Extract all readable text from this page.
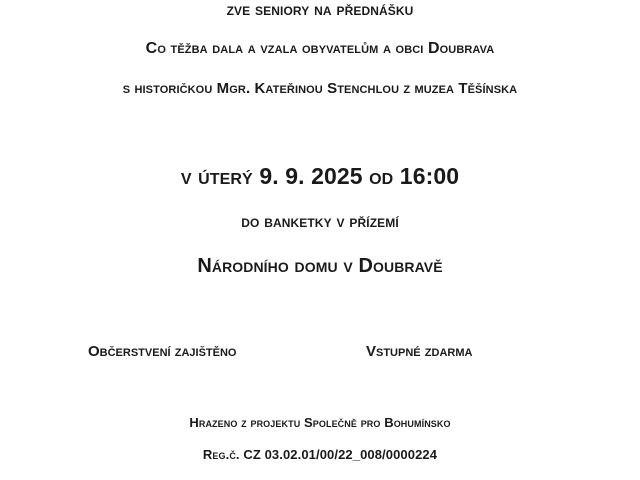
zve seniory na přednášku
Co těžba dala a vzala obyvatelům a obci Doubrava
s historičkou Mgr. Kateřinou Stenchlou z muzea Těšínska
v úterý 9. 9. 2025 od 16:00
do banketky v přízemí
Národního domu v Doubravě
Občerstvení zajištěno	Vstupné zdarma
Hrazeno z projektu Společně pro Bohumínsko
Reg.č. CZ 03.02.01/00/22_008/0000224
